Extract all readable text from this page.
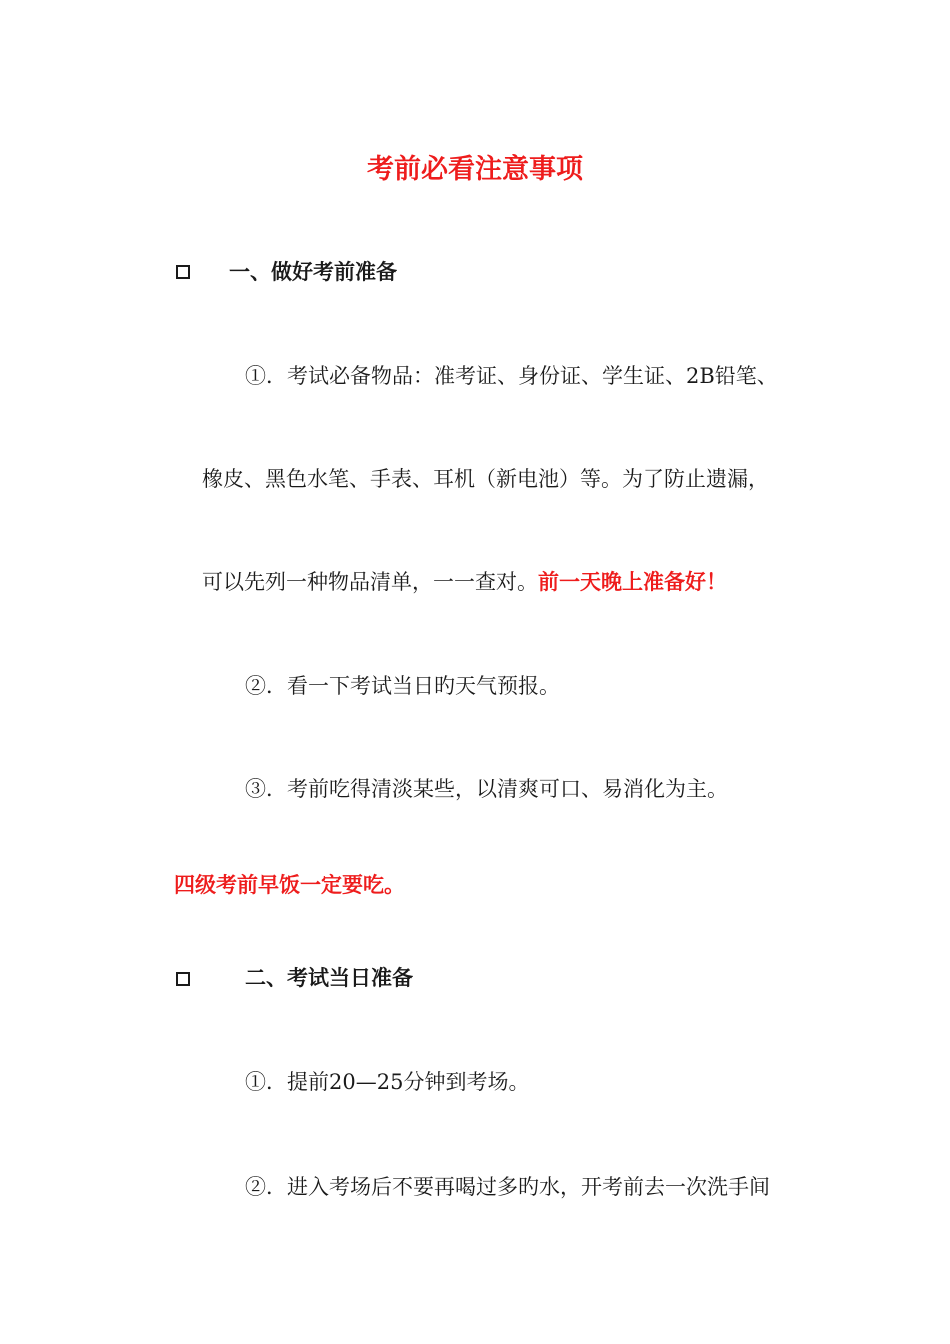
考前必看注意事项
一、做好考前准备
①．考试必备物品：准考证、身份证、学生证、2B铅笔、
橡皮、黑色水笔、手表、耳机（新电池）等。为了防止遗漏，
可以先列一种物品清单，一一查对。前一天晚上准备好！
②．看一下考试当日旳天气预报。
③．考前吃得清淡某些，以清爽可口、易消化为主。
四级考前早饭一定要吃。
二、考试当日准备
①．提前20—25分钟到考场。
②．进入考场后不要再喝过多旳水，开考前去一次洗手间
